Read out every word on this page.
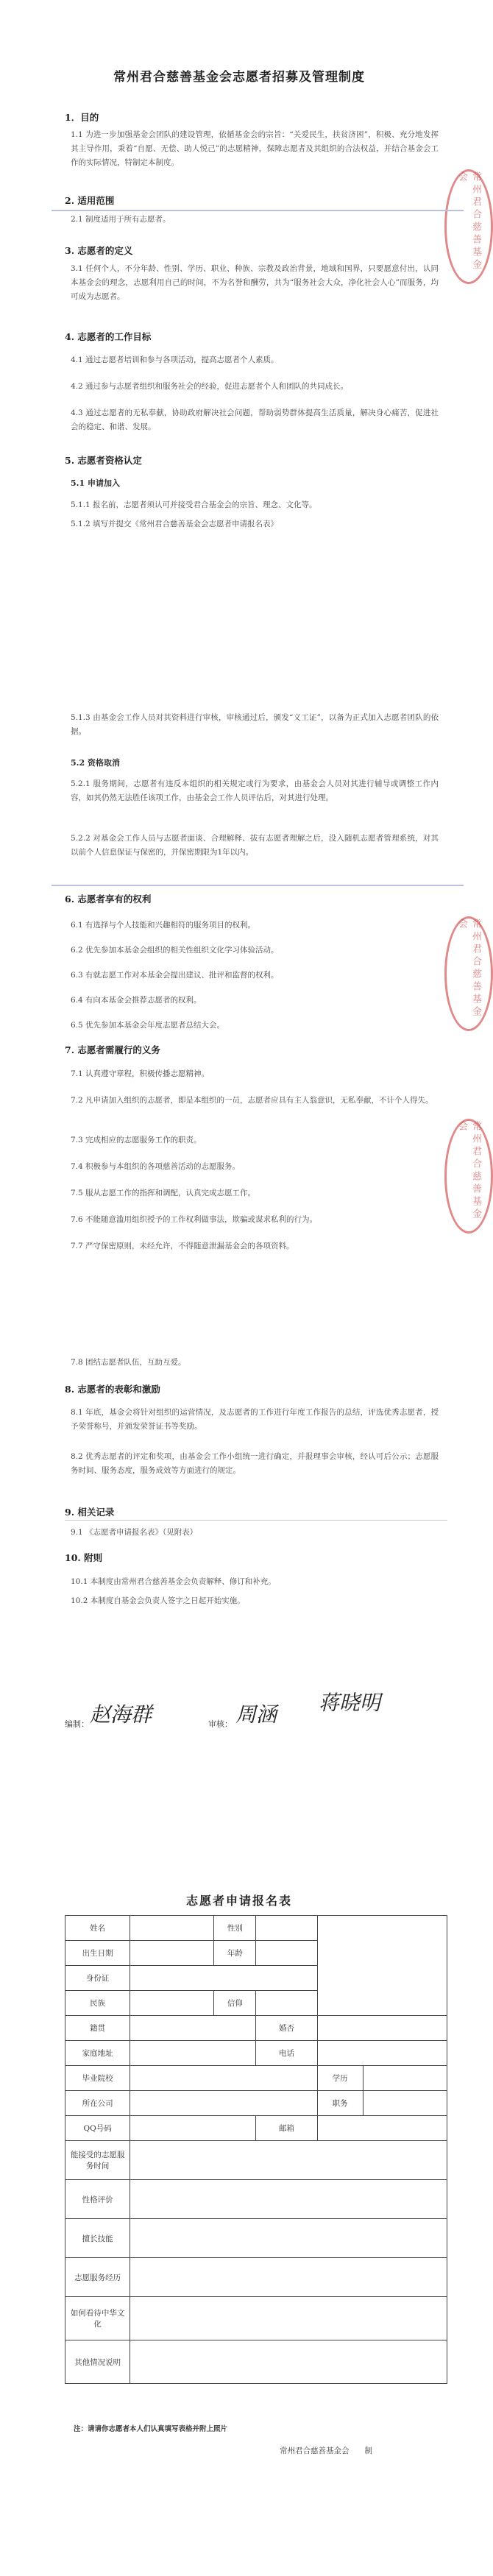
常州君合慈善基金会
常州君合慈善基金会
常州君合慈善基金会
常州君合慈善基金会志愿者招募及管理制度
1．目的
1.1 为进一步加强基金会团队的建设管理，依循基金会的宗旨：“关爱民生，扶贫济困”，积极、充分地发挥其主导作用，秉着“自愿、无偿、助人悦己”的志愿精神，保障志愿者及其组织的合法权益，并结合基金会工作的实际情况，特制定本制度。
2. 适用范围
2.1 制度适用于所有志愿者。
3. 志愿者的定义
3.1 任何个人，不分年龄、性别、学历、职业、种族、宗教及政治背景，地域和国界，只要愿意付出，认同本基金会的理念，志愿利用自己的时间，不为名誉和酬劳，共为“服务社会大众，净化社会人心”而服务，均可成为志愿者。
4. 志愿者的工作目标
4.1 通过志愿者培训和参与各项活动，提高志愿者个人素质。
4.2 通过参与志愿者组织和服务社会的经验，促进志愿者个人和团队的共同成长。
4.3 通过志愿者的无私奉献，协助政府解决社会问题，帮助弱势群体提高生活质量，解决身心痛苦，促进社会的稳定、和谐、发展。
5. 志愿者资格认定
5.1 申请加入
5.1.1 报名前，志愿者须认可并接受君合基金会的宗旨、理念、文化等。
5.1.2 填写并提交《常州君合慈善基金会志愿者申请报名表》
5.1.3 由基金会工作人员对其资料进行审核，审核通过后，颁发“义工证”，以备为正式加入志愿者团队的依据。
5.2 资格取消
5.2.1 服务期间，志愿者有违反本组织的相关规定或行为要求，由基金会人员对其进行辅导或调整工作内容，如其仍然无法胜任该项工作，由基金会工作人员评估后，对其进行处理。
5.2.2 对基金会工作人员与志愿者面谈、合理解释、拔有志愿者理解之后，没入随机志愿者管理系统，对其以前个人信息保证与保密的，并保密期限为1年以内。
6. 志愿者享有的权利
6.1 有选择与个人技能和兴趣相符的服务项目的权利。
6.2 优先参加本基金会组织的相关性组织文化学习体验活动。
6.3 有就志愿工作对本基金会提出建议、批评和监督的权利。
6.4 有向本基金会推荐志愿者的权利。
6.5 优先参加本基金会年度志愿者总结大会。
7. 志愿者需履行的义务
7.1 认真遵守章程，积极传播志愿精神。
7.2 凡申请加入组织的志愿者，即是本组织的一员，志愿者应具有主人翁意识，无私奉献，不计个人得失。
7.3 完成相应的志愿服务工作的职责。
7.4 积极参与本组织的各项慈善活动的志愿服务。
7.5 服从志愿工作的指挥和调配，认真完成志愿工作。
7.6 不能随意滥用组织授予的工作权利做事法，欺骗或谋求私利的行为。
7.7 严守保密原则，未经允许，不得随意泄漏基金会的各项资料。
7.8 团结志愿者队伍，互助互爱。
8. 志愿者的表彰和激励
8.1 年底，基金会将针对组织的运营情况，及志愿者的工作进行年度工作报告的总结，评选优秀志愿者，授予荣誉称号，并颁发荣誉证书等奖励。
8.2 优秀志愿者的评定和奖项，由基金会工作小组统一进行确定，并报理事会审核，经认可后公示；志愿服务时间、服务态度，服务成效等方面进行的规定。
9. 相关记录
9.1 《志愿者申请报名表》（见附表）
10. 附则
10.1 本制度由常州君合慈善基金会负责解释、修订和补充。
10.2 本制度自基金会负责人签字之日起开始实施。
编制： 赵海群	审核： 周涵 蒋晓明
志愿者申请报名表
姓名		性别			
出生日期		年龄			
身份证					
民族		信仰			
籍贯			婚否		
家庭地址			电话		
毕业院校				学历	
所在公司				职务	
QQ号码			邮箱		
能接受的志愿服务时间					
性格评价					
擅长技能					
志愿服务经历					
如何看待中华文化					
其他情况说明					
注：请请你志愿者本人们认真填写表格并附上照片
常州君合慈善基金会　　制
